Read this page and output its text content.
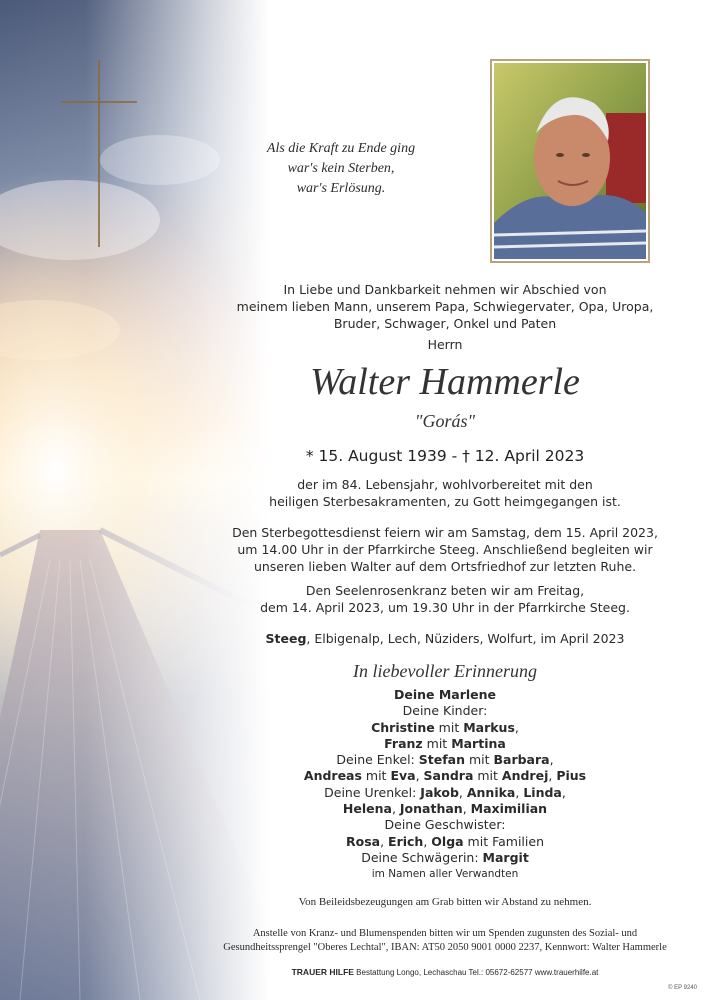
Als die Kraft zu Ende ging
war's kein Sterben,
war's Erlösung.
In Liebe und Dankbarkeit nehmen wir Abschied von
meinem lieben Mann, unserem Papa, Schwiegervater, Opa, Uropa,
Bruder, Schwager, Onkel und Paten
Herrn
Walter Hammerle
"Gorás"
* 15. August 1939 - † 12. April 2023
der im 84. Lebensjahr, wohlvorbereitet mit den
heiligen Sterbesakramenten, zu Gott heimgegangen ist.
Den Sterbegottesdienst feiern wir am Samstag, dem 15. April 2023,
um 14.00 Uhr in der Pfarrkirche Steeg. Anschließend begleiten wir
unseren lieben Walter auf dem Ortsfriedhof zur letzten Ruhe.
Den Seelenrosenkranz beten wir am Freitag,
dem 14. April 2023, um 19.30 Uhr in der Pfarrkirche Steeg.
Steeg, Elbigenalp, Lech, Nüziders, Wolfurt, im April 2023
In liebevoller Erinnerung
Deine Marlene
Deine Kinder:
Christine mit Markus,
Franz mit Martina
Deine Enkel: Stefan mit Barbara,
Andreas mit Eva, Sandra mit Andrej, Pius
Deine Urenkel: Jakob, Annika, Linda,
Helena, Jonathan, Maximilian
Deine Geschwister:
Rosa, Erich, Olga mit Familien
Deine Schwägerin: Margit
im Namen aller Verwandten
Von Beileidsbezeugungen am Grab bitten wir Abstand zu nehmen.
Anstelle von Kranz- und Blumenspenden bitten wir um Spenden zugunsten des Sozial- und
Gesundheitssprengel "Oberes Lechtal", IBAN: AT50 2050 9001 0000 2237, Kennwort: Walter Hammerle
TRAUER HILFE Bestattung Longo, Lechaschau Tel.: 05672-62577 www.trauerhilfe.at
© EP 9240
